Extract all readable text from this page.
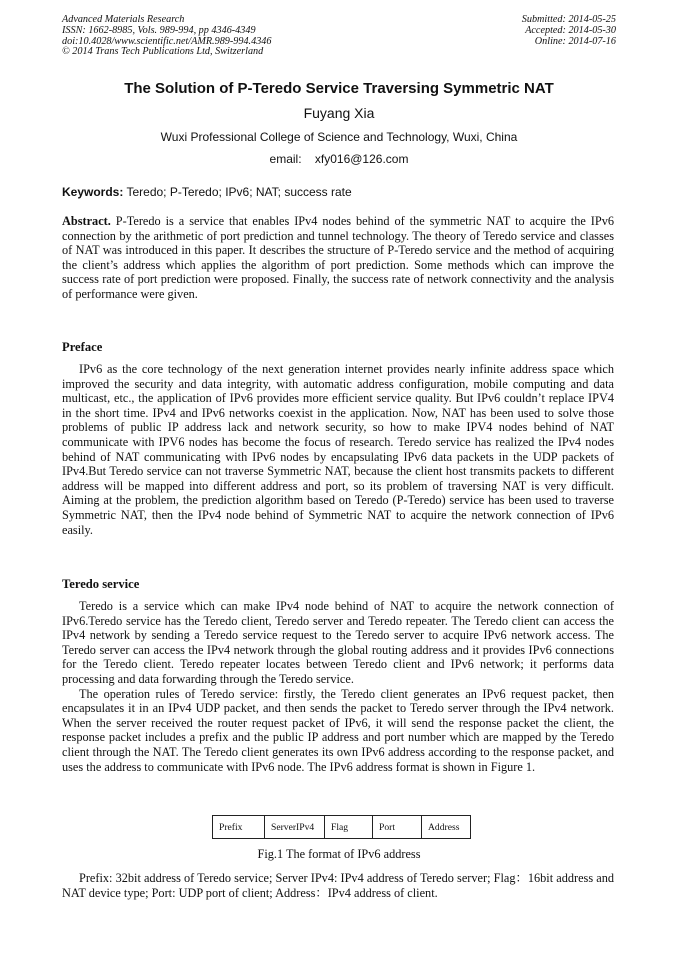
Advanced Materials Research
ISSN: 1662-8985, Vols. 989-994, pp 4346-4349
doi:10.4028/www.scientific.net/AMR.989-994.4346
© 2014 Trans Tech Publications Ltd, Switzerland
Submitted: 2014-05-25
Accepted: 2014-05-30
Online: 2014-07-16
The Solution of P-Teredo Service Traversing Symmetric NAT
Fuyang Xia
Wuxi Professional College of Science and Technology, Wuxi, China
email: xfy016@126.com
Keywords: Teredo; P-Teredo; IPv6; NAT; success rate

Abstract. P-Teredo is a service that enables IPv4 nodes behind of the symmetric NAT to acquire the IPv6 connection by the arithmetic of port prediction and tunnel technology. The theory of Teredo service and classes of NAT was introduced in this paper. It describes the structure of P-Teredo service and the method of acquiring the client’s address which applies the algorithm of port prediction. Some methods which can improve the success rate of port prediction were proposed. Finally, the success rate of network connectivity and the analysis of performance were given.

Preface

IPv6 as the core technology of the next generation internet provides nearly infinite address space which improved the security and data integrity, with automatic address configuration, mobile computing and data multicast, etc., the application of IPv6 provides more efficient service quality. But IPv6 couldn’t replace IPV4 in the short time. IPv4 and IPv6 networks coexist in the application. Now, NAT has been used to solve those problems of public IP address lack and network security, so how to make IPV4 nodes behind of NAT communicate with IPV6 nodes has become the focus of research. Teredo service has realized the IPv4 nodes behind of NAT communicating with IPv6 nodes by encapsulating IPv6 data packets in the UDP packets of IPv4.But Teredo service can not traverse Symmetric NAT, because the client host transmits packets to different address will be mapped into different address and port, so its problem of traversing NAT is very difficult. Aiming at the problem, the prediction algorithm based on Teredo (P-Teredo) service has been used to traverse Symmetric NAT, then the IPv4 node behind of Symmetric NAT to acquire the network connection of IPv6 easily.

Teredo service

Teredo is a service which can make IPv4 node behind of NAT to acquire the network connection of IPv6.Teredo service has the Teredo client, Teredo server and Teredo repeater. The Teredo client can access the IPv4 network by sending a Teredo service request to the Teredo server to acquire IPv6 network access. The Teredo server can access the IPv4 network through the global routing address and it provides IPv6 connections for the Teredo client. Teredo repeater locates between Teredo client and IPv6 network; it performs data processing and data forwarding through the Teredo service.

The operation rules of Teredo service: firstly, the Teredo client generates an IPv6 request packet, then encapsulates it in an IPv4 UDP packet, and then sends the packet to Teredo server through the IPv4 network. When the server received the router request packet of IPv6, it will send the response packet the client, the response packet includes a prefix and the public IP address and port number which are mapped by the Teredo client through the NAT. The Teredo client generates its own IPv6 address according to the response packet, and uses the address to communicate with IPv6 node. The IPv6 address format is shown in Figure 1.

Prefix	ServerIPv4	Flag	Port	Address
Fig.1 The format of IPv6 address

Prefix: 32bit address of Teredo service; Server IPv4: IPv4 address of Teredo server; Flag：16bit address and NAT device type; Port: UDP port of client; Address：IPv4 address of client.
